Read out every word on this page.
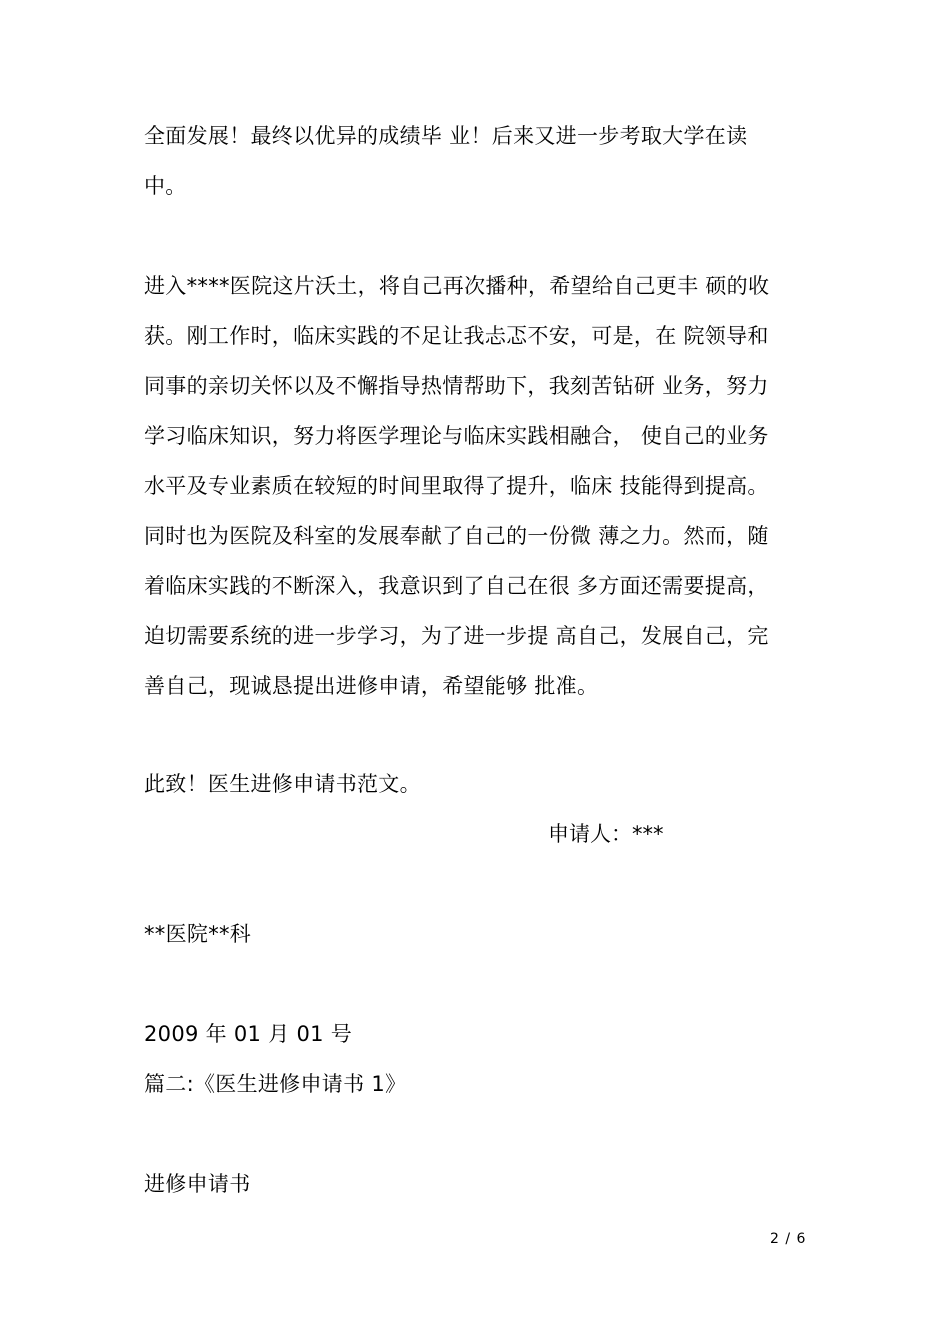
全面发展！最终以优异的成绩毕 业！后来又进一步考取大学在读
中。
进入****医院这片沃土，将自己再次播种，希望给自己更丰 硕的收
获。刚工作时，临床实践的不足让我忐忑不安，可是，在 院领导和
同事的亲切关怀以及不懈指导热情帮助下，我刻苦钻研 业务，努力
学习临床知识，努力将医学理论与临床实践相融合， 使自己的业务
水平及专业素质在较短的时间里取得了提升，临床 技能得到提高。
同时也为医院及科室的发展奉献了自己的一份微 薄之力。然而，随
着临床实践的不断深入，我意识到了自己在很 多方面还需要提高，
迫切需要系统的进一步学习，为了进一步提 高自己，发展自己，完
善自己，现诚恳提出进修申请，希望能够 批准。
此致！医生进修申请书范文。
申请人：***
**医院**科
2009 年 01 月 01 号
篇二:《医生进修申请书 1》
进修申请书
2 / 6
